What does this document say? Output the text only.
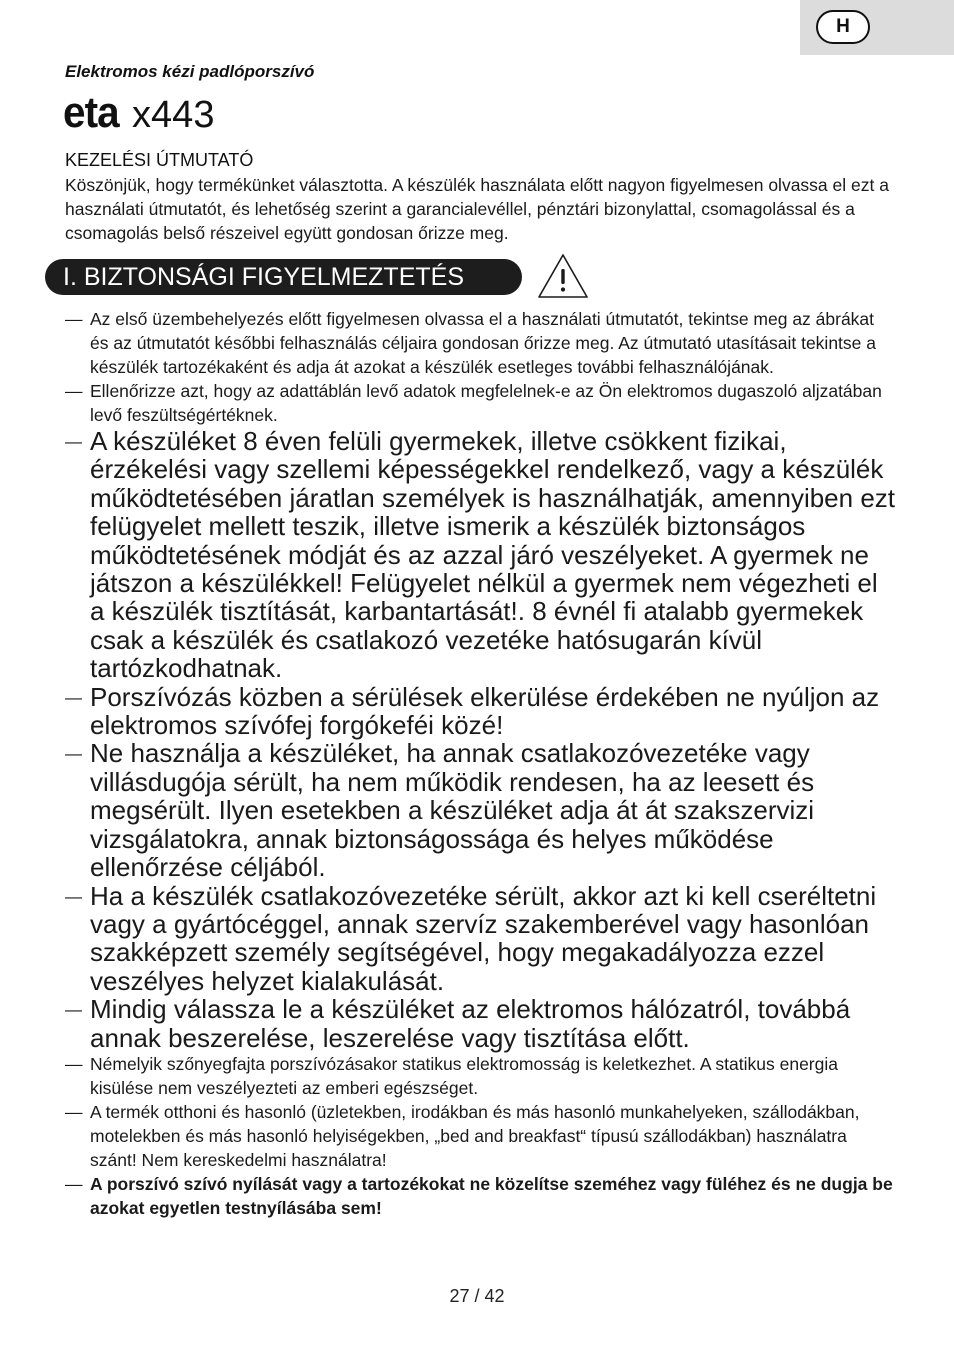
H
Elektromos kézi padlóporszívó
eta x443
KEZELÉSI ÚTMUTATÓ
Köszönjük, hogy termékünket választotta. A készülék használata előtt nagyon figyelmesen olvassa el ezt a használati útmutatót, és lehetőség szerint a garancialevéllel, pénztári bizonylattal, csomagolással és a csomagolás belső részeivel együtt gondosan őrizze meg.
I. BIZTONSÁGI FIGYELMEZTETÉS
— Az első üzembehelyezés előtt figyelmesen olvassa el a használati útmutatót, tekintse meg az ábrákat és az útmutatót későbbi felhasználás céljaira gondosan őrizze meg. Az útmutató utasításait tekintse a készülék tartozékaként és adja át azokat a készülék esetleges további felhasználójának.
— Ellenőrizze azt, hogy az adattáblán levő adatok megfelelnek-e az Ön elektromos dugaszoló aljzatában levő feszültségértéknek.
— A készüléket 8 éven felüli gyermekek, illetve csökkent fizikai, érzékelési vagy szellemi képességekkel rendelkező, vagy a készülék működtetésében járatlan személyek is használhatják, amennyiben ezt felügyelet mellett teszik, illetve ismerik a készülék biztonságos működtetésének módját és az azzal járó veszélyeket. A gyermek ne játszon a készülékkel! Felügyelet nélkül a gyermek nem végezheti el a készülék tisztítását, karbantartását!. 8 évnél fi atalabb gyermekek csak a készülék és csatlakozó vezetéke hatósugarán kívül tartózkodhatnak.
— Porszívózás közben a sérülések elkerülése érdekében ne nyúljon az elektromos szívófej forgókeféi közé!
— Ne használja a készüléket, ha annak csatlakozóvezetéke vagy villásdugója sérült, ha nem működik rendesen, ha az leesett és megsérült. Ilyen esetekben a készüléket adja át át szakszervizi vizsgálatokra, annak biztonságossága és helyes működése ellenőrzése céljából.
— Ha a készülék csatlakozóvezetéke sérült, akkor azt ki kell cseréltetni vagy a gyártócéggel, annak szervíz szakemberével vagy hasonlóan szakképzett személy segítségével, hogy megakadályozza ezzel veszélyes helyzet kialakulását.
— Mindig válassza le a készüléket az elektromos hálózatról, továbbá annak beszerelése, leszerelése vagy tisztítása előtt.
— Némelyik szőnyegfajta porszívózásakor statikus elektromosság is keletkezhet. A statikus energia kisülése nem veszélyezteti az emberi egészséget.
— A termék otthoni és hasonló (üzletekben, irodákban és más hasonló munkahelyeken, szállodákban, motelekben és más hasonló helyiségekben, „bed and breakfast“ típusú szállodákban) használatra szánt! Nem kereskedelmi használatra!
— A porszívó szívó nyílását vagy a tartozékokat ne közelítse szeméhez vagy füléhez és ne dugja be azokat egyetlen testnyílásába sem!
27 / 42
